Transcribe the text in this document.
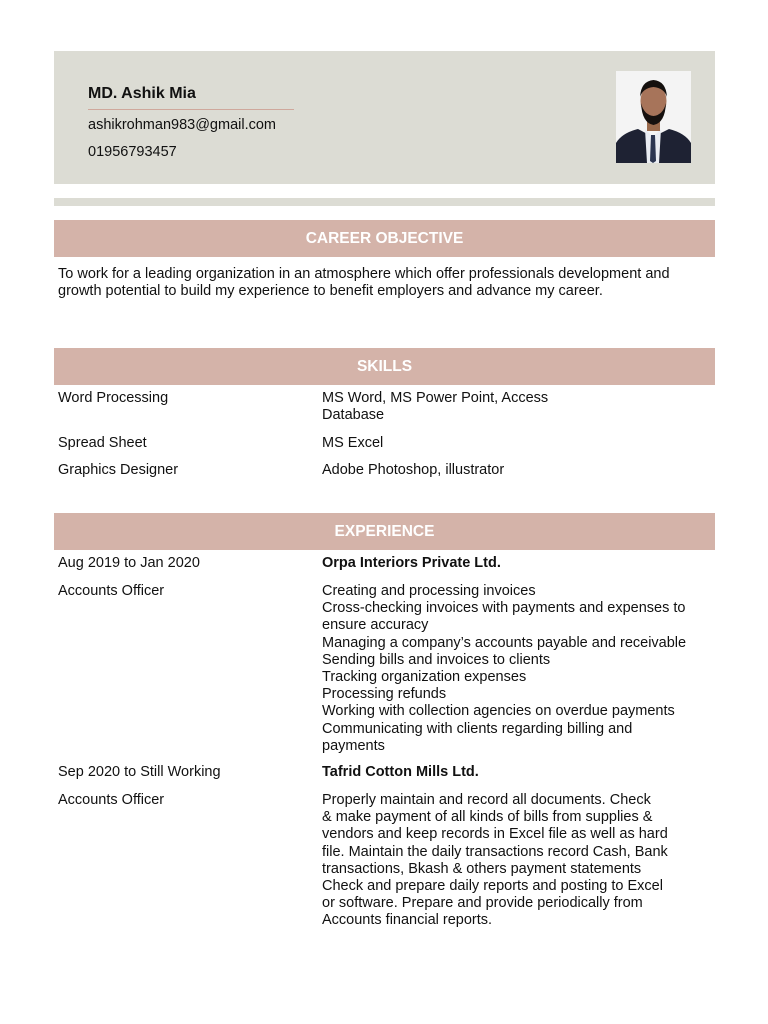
MD. Ashik Mia
ashikrohman983@gmail.com
01956793457
CAREER OBJECTIVE
To work for a leading organization in an atmosphere which offer professionals development and growth potential to build my experience to benefit employers and advance my career.
SKILLS
Word Processing	MS Word, MS Power Point, Access
Database
Spread Sheet	MS Excel
Graphics Designer	Adobe Photoshop, illustrator
EXPERIENCE
Aug 2019 to Jan 2020	Orpa Interiors Private Ltd.
Accounts Officer	Creating and processing invoices
Cross-checking invoices with payments and expenses to
ensure accuracy
Managing a company’s accounts payable and receivable
Sending bills and invoices to clients
Tracking organization expenses
Processing refunds
Working with collection agencies on overdue payments
Communicating with clients regarding billing and
payments
Sep 2020 to Still Working	Tafrid Cotton Mills Ltd.
Accounts Officer	Properly maintain and record all documents. Check
& make payment of all kinds of bills from supplies &
vendors and keep records in Excel file as well as hard
file. Maintain the daily transactions record Cash, Bank
transactions, Bkash & others payment statements
Check and prepare daily reports and posting to Excel
or software. Prepare and provide periodically from
Accounts financial reports.
